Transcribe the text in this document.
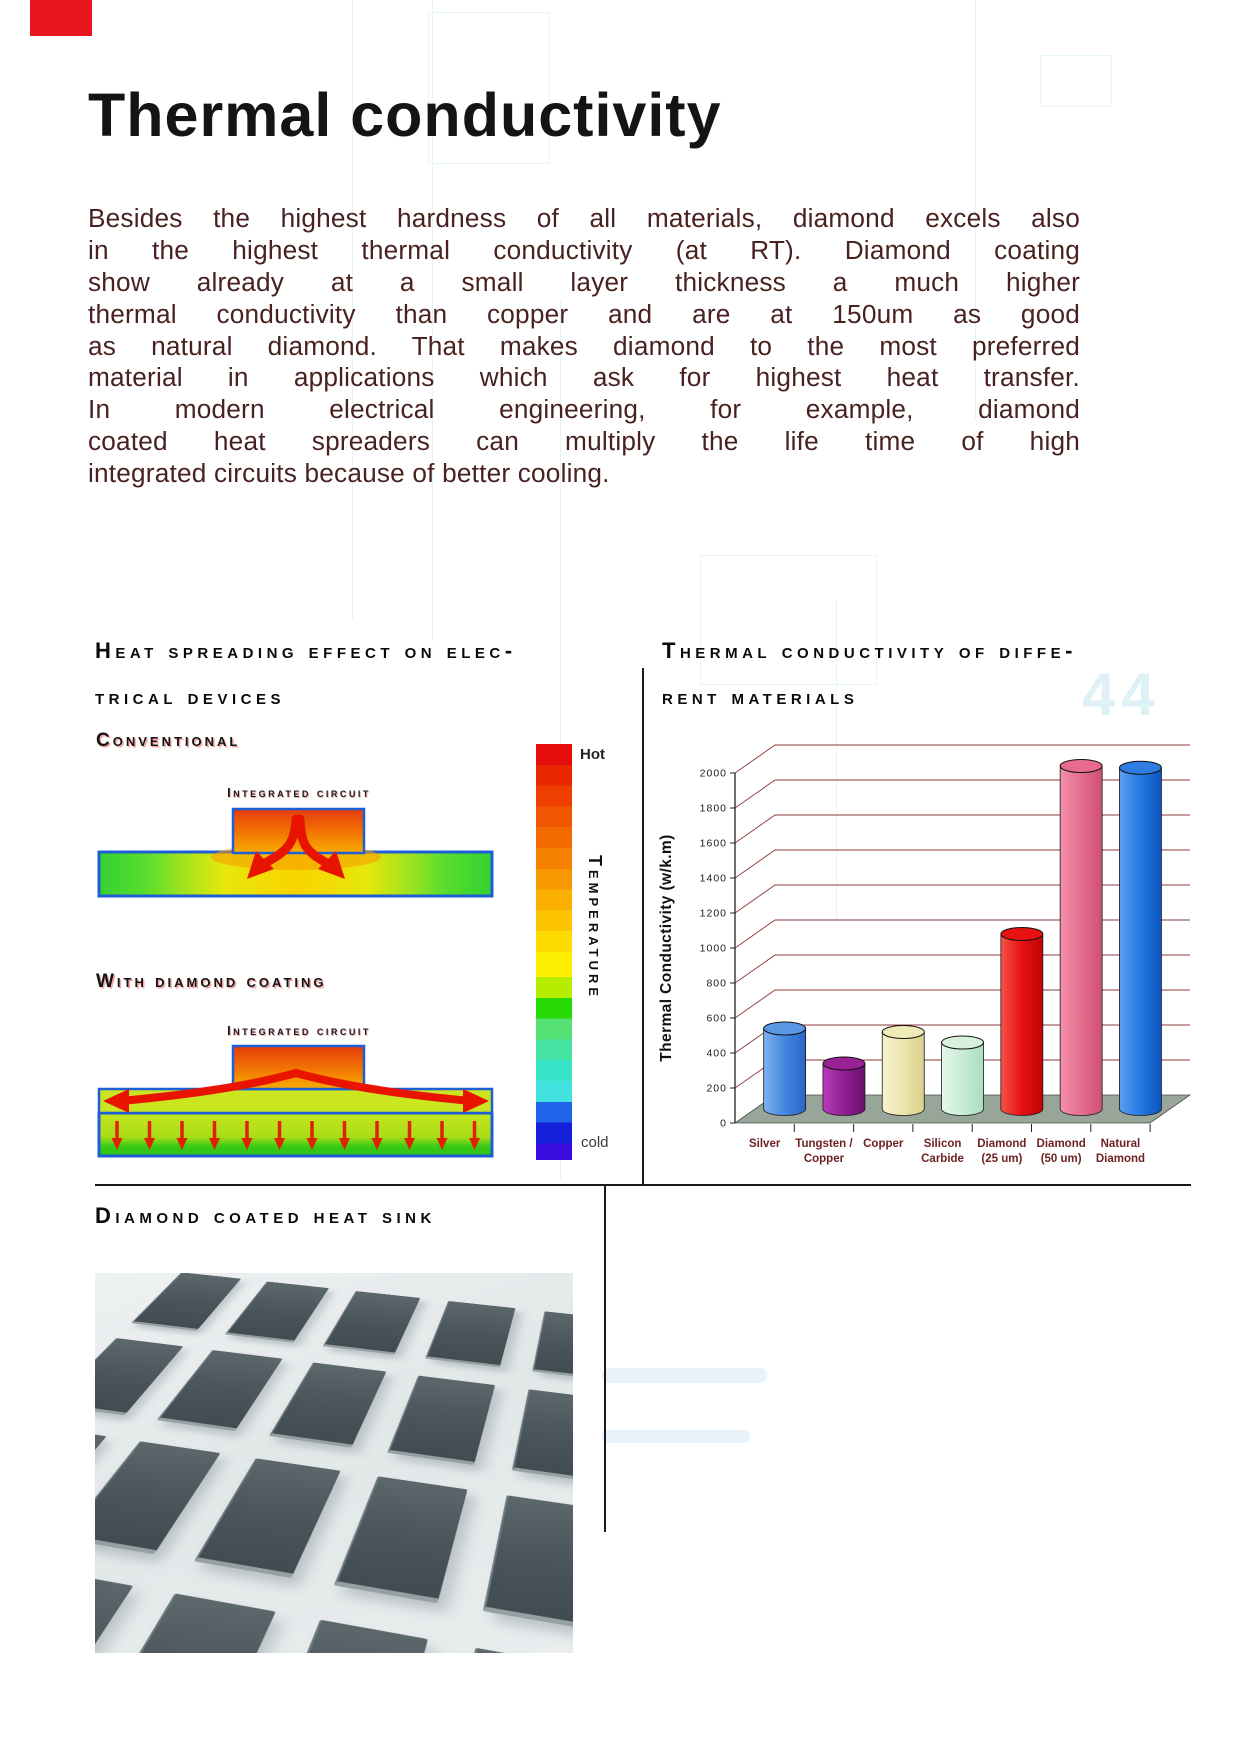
44
Thermal conductivity
Besides the highest hardness of all materials, diamond excels also
in the highest thermal conductivity (at RT). Diamond coating
show already at a small layer thickness a much higher
thermal conductivity than copper and are at 150um as good
as natural diamond. That makes diamond to the most preferred
material in applications which ask for highest heat transfer.
In modern electrical engineering, for example, diamond
coated heat spreaders can multiply the life time of high
integrated circuits because of better cooling.
Heat spreading effect on elec-
trical devices
Thermal conductivity of diffe-
rent materials
Diamond coated heat sink
Conventional
Integrated circuit
With diamond coating
Integrated circuit
Hot
cold
Temperature
0
200
400
600
800
1000
1200
1400
1600
1800
2000
Silver Tungsten / Copper
Copper Silicon Carbide
Diamond (25 um)
Diamond (50 um)
Natural Diamond
Thermal Conductivity (w/k.m)
